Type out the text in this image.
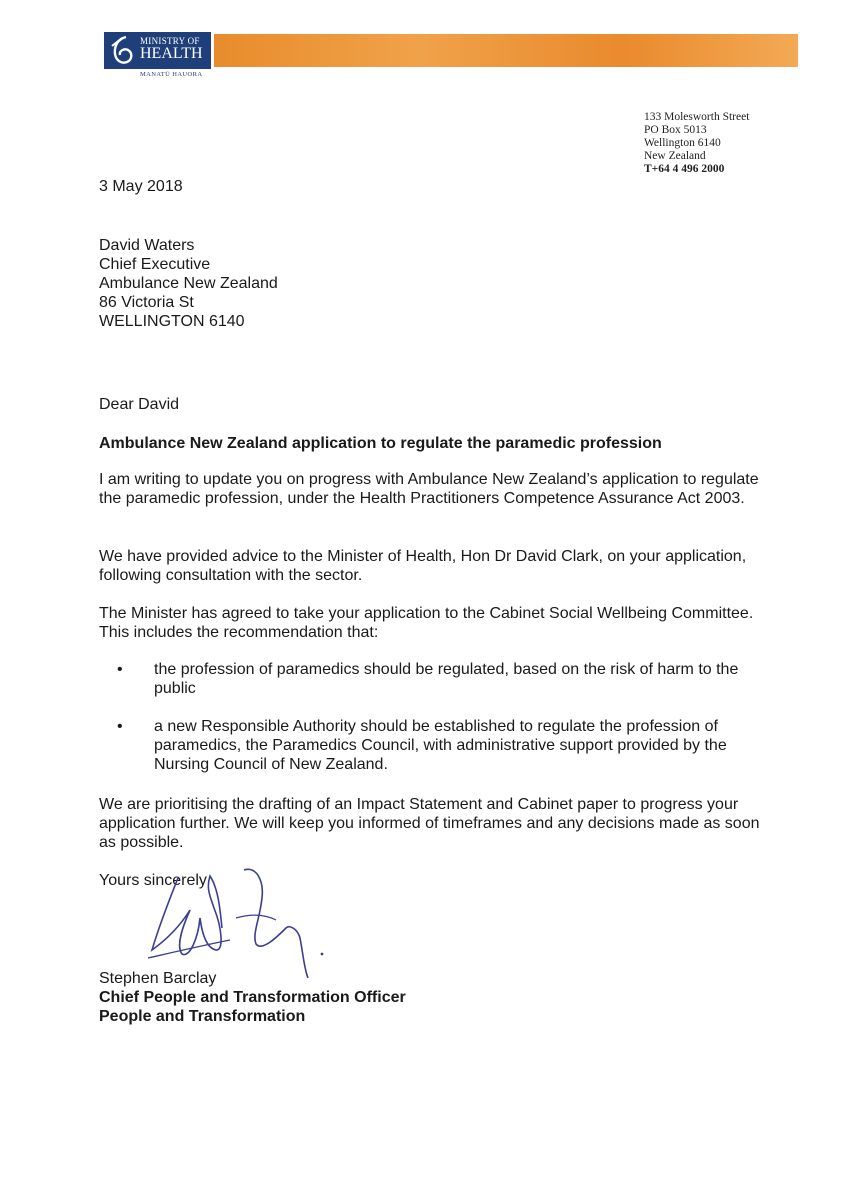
MINISTRY OF
HEALTH
MANATŪ HAUORA
133 Molesworth Street
PO Box 5013
Wellington 6140
New Zealand
T+64 4 496 2000
3 May 2018
David Waters
Chief Executive
Ambulance New Zealand
86 Victoria St
WELLINGTON 6140
Dear David
Ambulance New Zealand application to regulate the paramedic profession
I am writing to update you on progress with Ambulance New Zealand’s application to regulate the paramedic profession, under the Health Practitioners Competence Assurance Act 2003.
We have provided advice to the Minister of Health, Hon Dr David Clark, on your application, following consultation with the sector.
The Minister has agreed to take your application to the Cabinet Social Wellbeing Committee. This includes the recommendation that:
• the profession of paramedics should be regulated, based on the risk of harm to the public
• a new Responsible Authority should be established to regulate the profession of paramedics, the Paramedics Council, with administrative support provided by the Nursing Council of New Zealand.
We are prioritising the drafting of an Impact Statement and Cabinet paper to progress your application further. We will keep you informed of timeframes and any decisions made as soon as possible.
Yours sincerely
Stephen Barclay
Chief People and Transformation Officer
People and Transformation
